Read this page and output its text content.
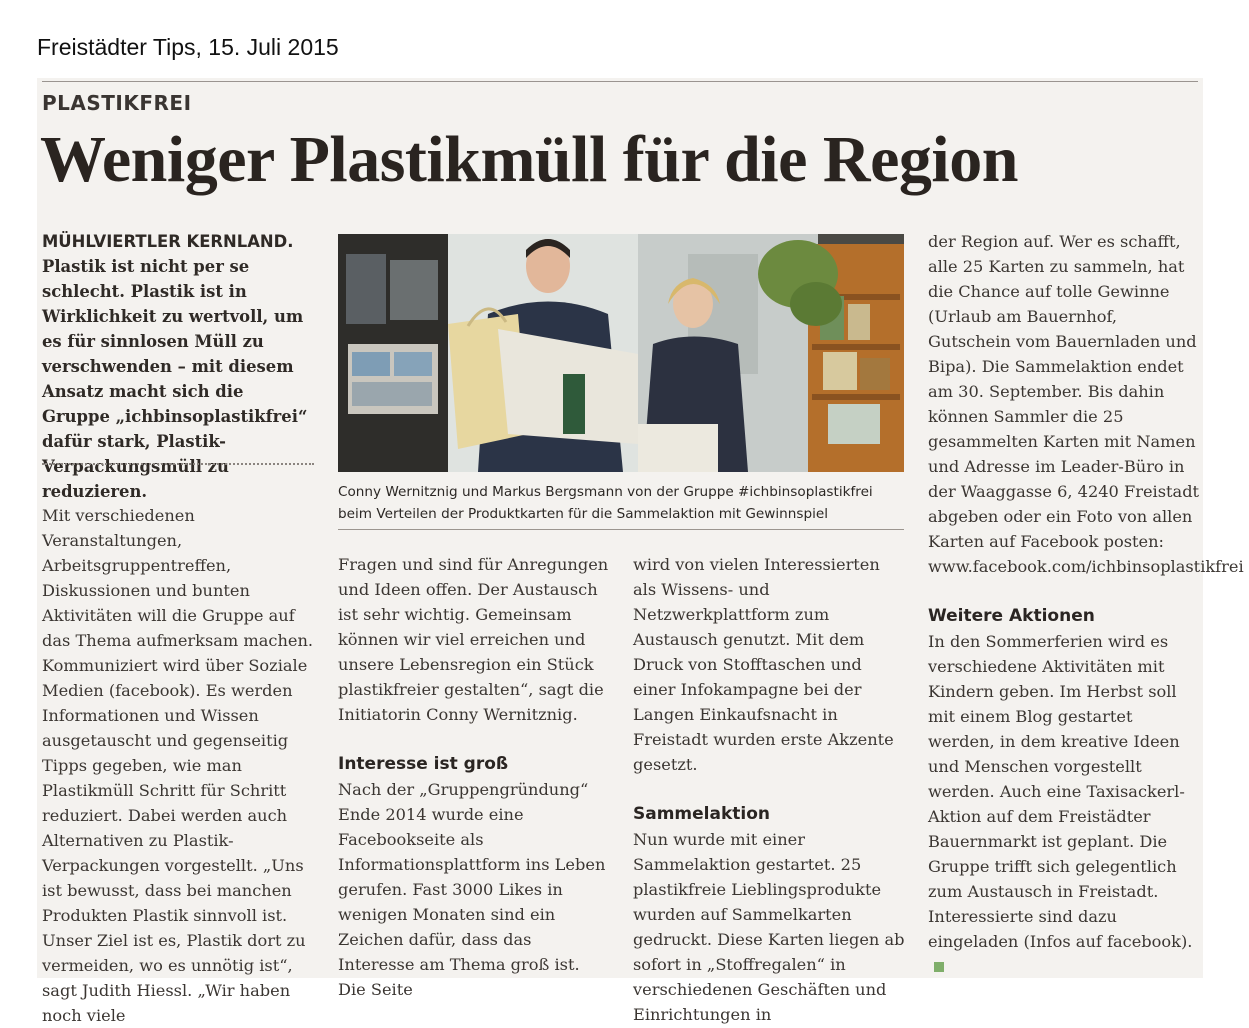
Freistädter Tips, 15. Juli 2015
PLASTIKFREI
Weniger Plastikmüll für die Region

MÜHLVIERTLER KERNLAND. Plastik ist nicht per se schlecht. Plastik ist in Wirklichkeit zu wertvoll, um es für sinnlosen Müll zu verschwenden – mit diesem Ansatz macht sich die Gruppe „ichbinsoplastikfrei“ dafür stark, Plastik-Verpackungsmüll zu reduzieren.

Mit verschiedenen Veranstaltungen, Arbeitsgruppentreffen, Diskussionen und bunten Aktivitäten will die Gruppe auf das Thema aufmerksam machen. Kommuniziert wird über Soziale Medien (facebook). Es werden Informationen und Wissen ausgetauscht und gegenseitig Tipps gegeben, wie man Plastikmüll Schritt für Schritt reduziert. Dabei werden auch Alternativen zu Plastik-Verpackungen vorgestellt. „Uns ist bewusst, dass bei manchen Produkten Plastik sinnvoll ist. Unser Ziel ist es, Plastik dort zu vermeiden, wo es unnötig ist“, sagt Judith Hiessl. „Wir haben noch viele

Conny Wernitznig und Markus Bergsmann von der Gruppe #ichbinsoplastikfrei beim Verteilen der Produktkarten für die Sammelaktion mit Gewinnspiel

Fragen und sind für Anregungen und Ideen offen. Der Austausch ist sehr wichtig. Gemeinsam können wir viel erreichen und unsere Lebensregion ein Stück plastikfreier gestalten“, sagt die Initiatorin Conny Wernitznig.

Interesse ist groß

Nach der „Gruppengründung“ Ende 2014 wurde eine Facebookseite als Informationsplattform ins Leben gerufen. Fast 3000 Likes in wenigen Monaten sind ein Zeichen dafür, dass das Interesse am Thema groß ist. Die Seite

wird von vielen Interessierten als Wissens- und Netzwerkplattform zum Austausch genutzt. Mit dem Druck von Stofftaschen und einer Infokampagne bei der Langen Einkaufsnacht in Freistadt wurden erste Akzente gesetzt.

Sammelaktion

Nun wurde mit einer Sammelaktion gestartet. 25 plastikfreie Lieblingsprodukte wurden auf Sammelkarten gedruckt. Diese Karten liegen ab sofort in „Stoffregalen“ in verschiedenen Geschäften und Einrichtungen in

der Region auf. Wer es schafft, alle 25 Karten zu sammeln, hat die Chance auf tolle Gewinne (Urlaub am Bauernhof, Gutschein vom Bauernladen und Bipa). Die Sammelaktion endet am 30. September. Bis dahin können Sammler die 25 gesammelten Karten mit Namen und Adresse im Leader-Büro in der Waaggasse 6, 4240 Freistadt abgeben oder ein Foto von allen Karten auf Facebook posten: www.facebook.com/ichbinsoplastikfrei

Weitere Aktionen

In den Sommerferien wird es verschiedene Aktivitäten mit Kindern geben. Im Herbst soll mit einem Blog gestartet werden, in dem kreative Ideen und Menschen vorgestellt werden. Auch eine Taxisackerl-Aktion auf dem Freistädter Bauernmarkt ist geplant. Die Gruppe trifft sich gelegentlich zum Austausch in Freistadt. Interessierte sind dazu eingeladen (Infos auf facebook).
